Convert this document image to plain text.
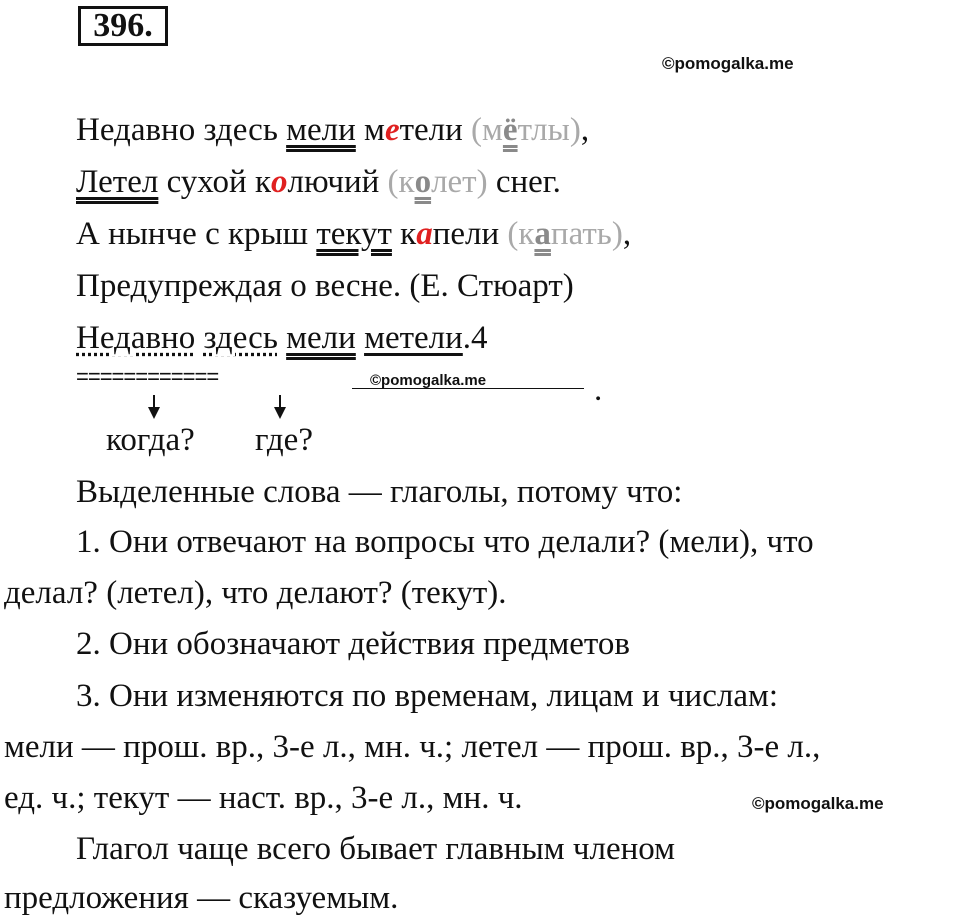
396.
©pomogalka.me
Недавно здесь мели метели (мётлы),
Летел сухой колючий (колет) снег.
А нынче с крыш текут капели (капать),
Предупреждая о весне. (Е. Стюарт)
Недавно здесь мели метели.4
============	©pomogalka.me	.
когда? где?
Выделенные слова — глаголы, потому что:
1. Они отвечают на вопросы что делали? (мели), что
делал? (летел), что делают? (текут).
2. Они обозначают действия предметов
3. Они изменяются по временам, лицам и числам:
мели — прош. вр., 3-е л., мн. ч.; летел — прош. вр., 3-е л.,
ед. ч.; текут — наст. вр., 3-е л., мн. ч.	©pomogalka.me
Глагол чаще всего бывает главным членом
предложения — сказуемым.
